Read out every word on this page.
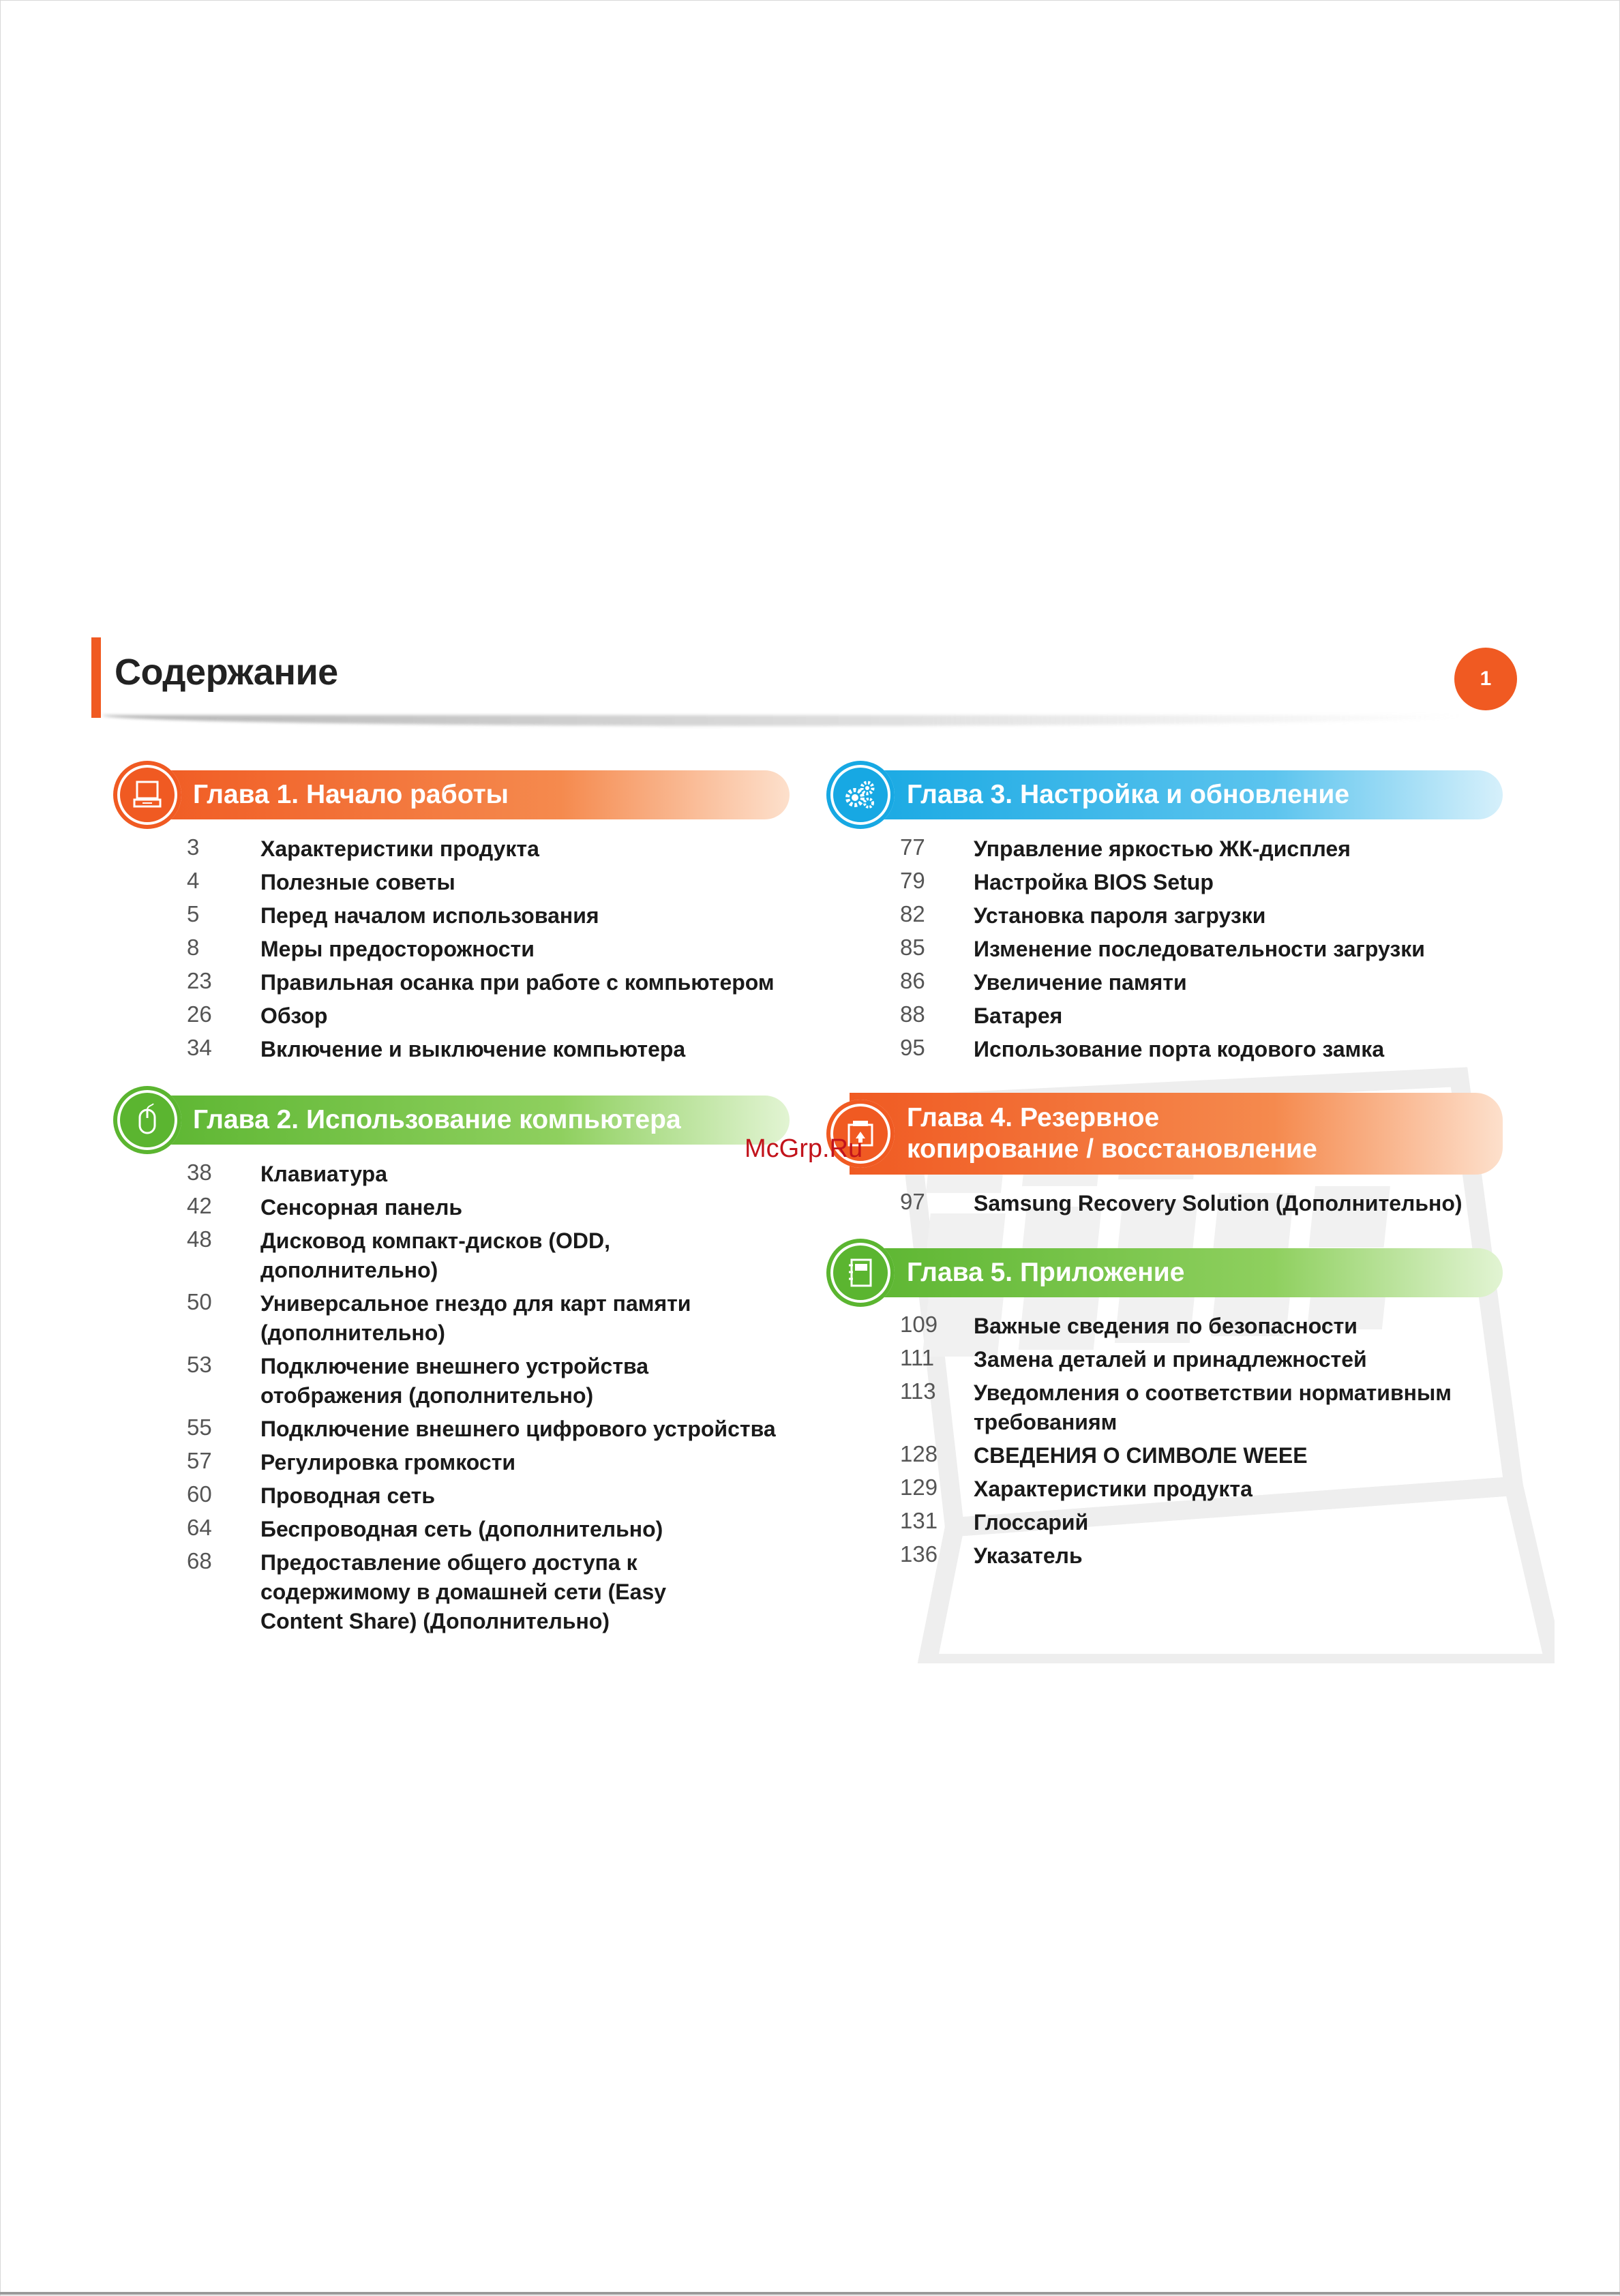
Содержание	1
Глава 1. Начало работы
3	Характеристики продукта
4	Полезные советы
5	Перед началом использования
8	Меры предосторожности
23	Правильная осанка при работе с компьютером
26	Обзор
34	Включение и выключение компьютера
Глава 2. Использование компьютера
38	Клавиатура
42	Сенсорная панель
48	Дисковод компакт-дисков (ODD, дополнительно)
50	Универсальное гнездо для карт памяти (дополнительно)
53	Подключение внешнего устройства отображения (дополнительно)
55	Подключение внешнего цифрового устройства
57	Регулировка громкости
60	Проводная сеть
64	Беспроводная сеть (дополнительно)
68	Предоставление общего доступа к содержимому в домашней сети (Easy Content Share) (Дополнительно)
Глава 3. Настройка и обновление
77	Управление яркостью ЖК-дисплея
79	Настройка BIOS Setup
82	Установка пароля загрузки
85	Изменение последовательности загрузки
86	Увеличение памяти
88	Батарея
95	Использование порта кодового замка
Глава 4. Резервное копирование / восстановление
97	Samsung Recovery Solution (Дополнительно)
Глава 5. Приложение
109	Важные сведения по безопасности
111	Замена деталей и принадлежностей
113	Уведомления о соответствии нормативным требованиям
128	СВЕДЕНИЯ О СИМВОЛЕ WEEE
129	Характеристики продукта
131	Глоссарий
136	Указатель
McGrp.Ru
